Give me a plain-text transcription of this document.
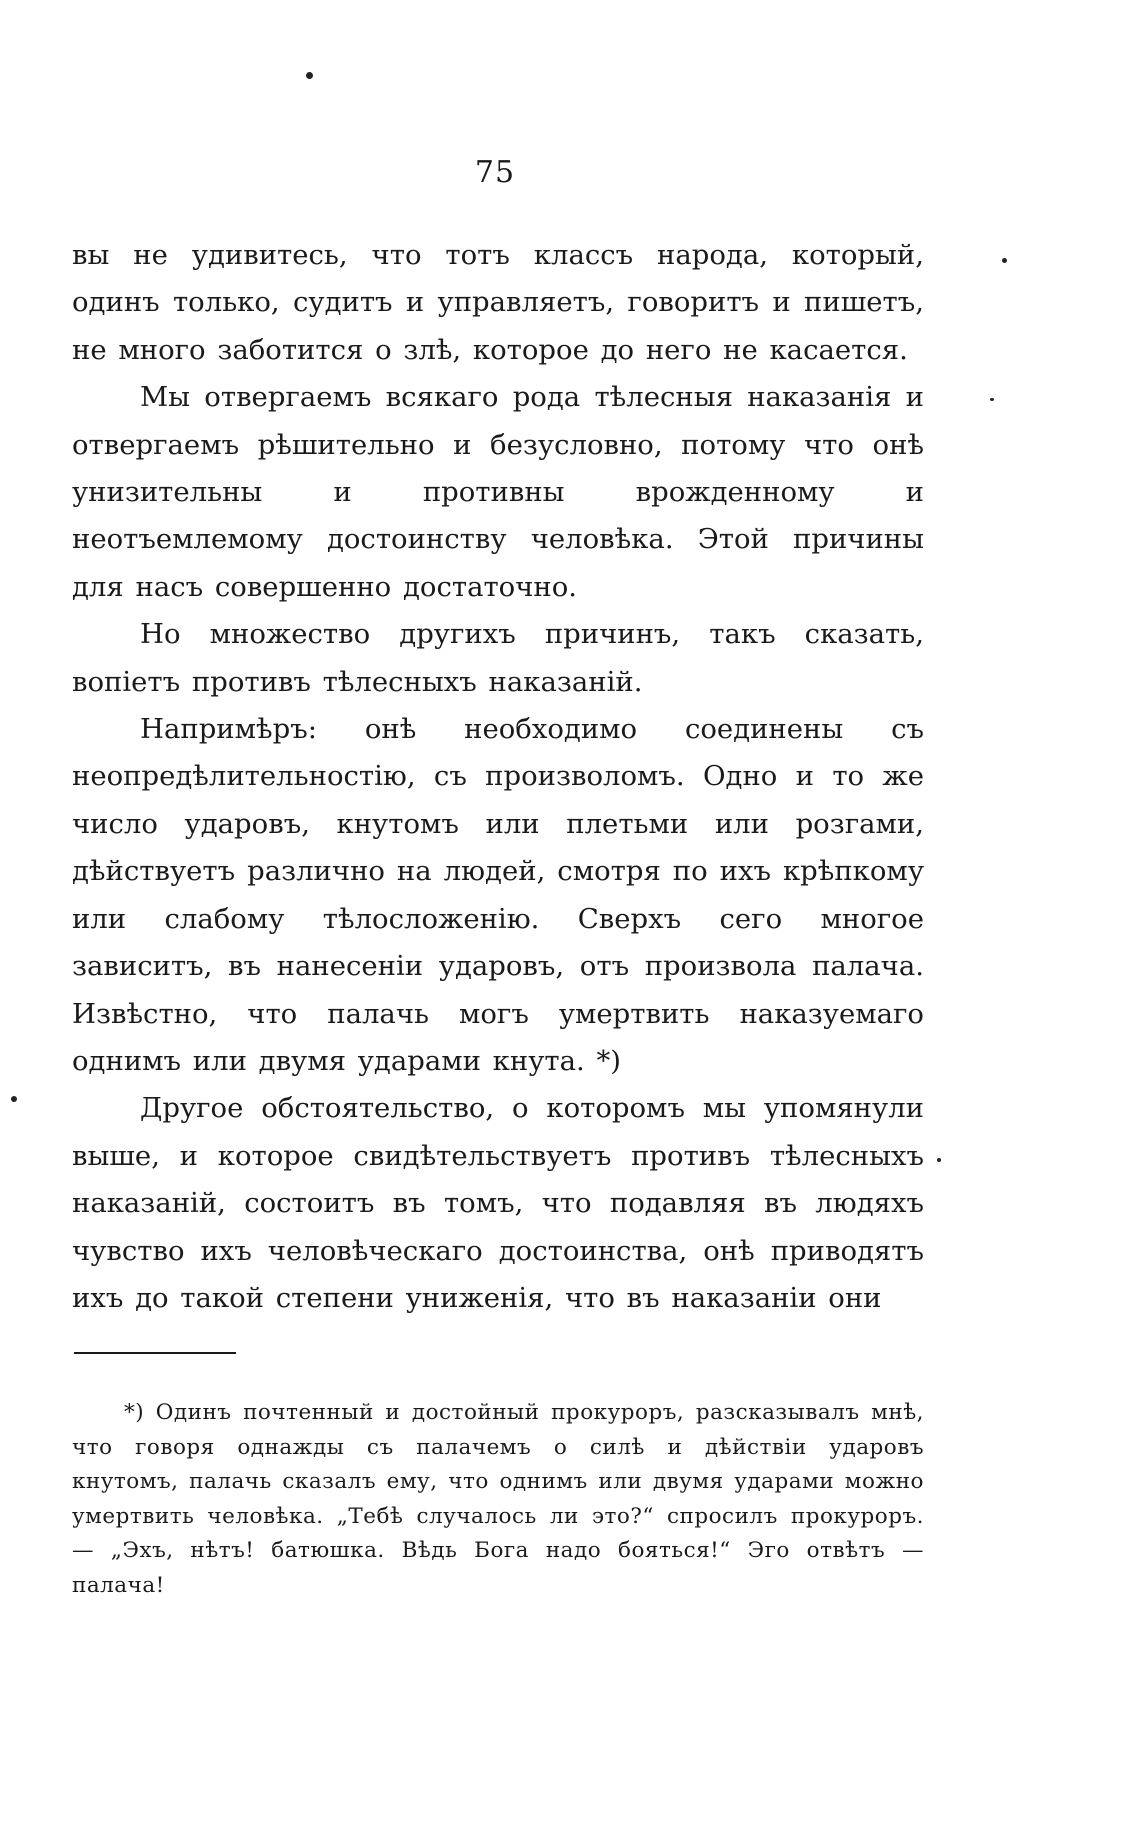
75

вы не удивитесь, что тотъ классъ народа, который, одинъ только, судитъ и управляетъ, говоритъ и пишетъ, не много заботится о злѣ, которое до него не касается.

Мы отвергаемъ всякаго рода тѣлесныя наказанія и отвергаемъ рѣшительно и безусловно, потому что онѣ унизительны и противны врожденному и неотъемлемому достоинству человѣка. Этой причины для насъ совершенно достаточно.

Но множество другихъ причинъ, такъ сказать, вопіетъ противъ тѣлесныхъ наказаній.

Напримѣръ: онѣ необходимо соединены съ неопредѣлительностію, съ произволомъ. Одно и то же число ударовъ, кнутомъ или плетьми или розгами, дѣйствуетъ различно на людей, смотря по ихъ крѣпкому или слабому тѣлосложенію. Сверхъ сего многое зависитъ, въ нанесеніи ударовъ, отъ произвола палача. Извѣстно, что палачь могъ умертвить наказуемаго однимъ или двумя ударами кнута. *)

Другое обстоятельство, о которомъ мы упомянули выше, и которое свидѣтельствуетъ противъ тѣлесныхъ наказаній, состоитъ въ томъ, что подавляя въ людяхъ чувство ихъ человѣческаго достоинства, онѣ приводятъ ихъ до такой степени униженія, что въ наказаніи они

*) Одинъ почтенный и достойный прокуроръ, разсказывалъ мнѣ, что говоря однажды съ палачемъ о силѣ и дѣйствіи ударовъ кнутомъ, палачь сказалъ ему, что однимъ или двумя ударами можно умертвить человѣка. „Тебѣ случалось ли это?“ спросилъ прокуроръ. — „Эхъ, нѣтъ! батюшка. Вѣдь Бога надо бояться!“ Эго отвѣтъ — палача!
